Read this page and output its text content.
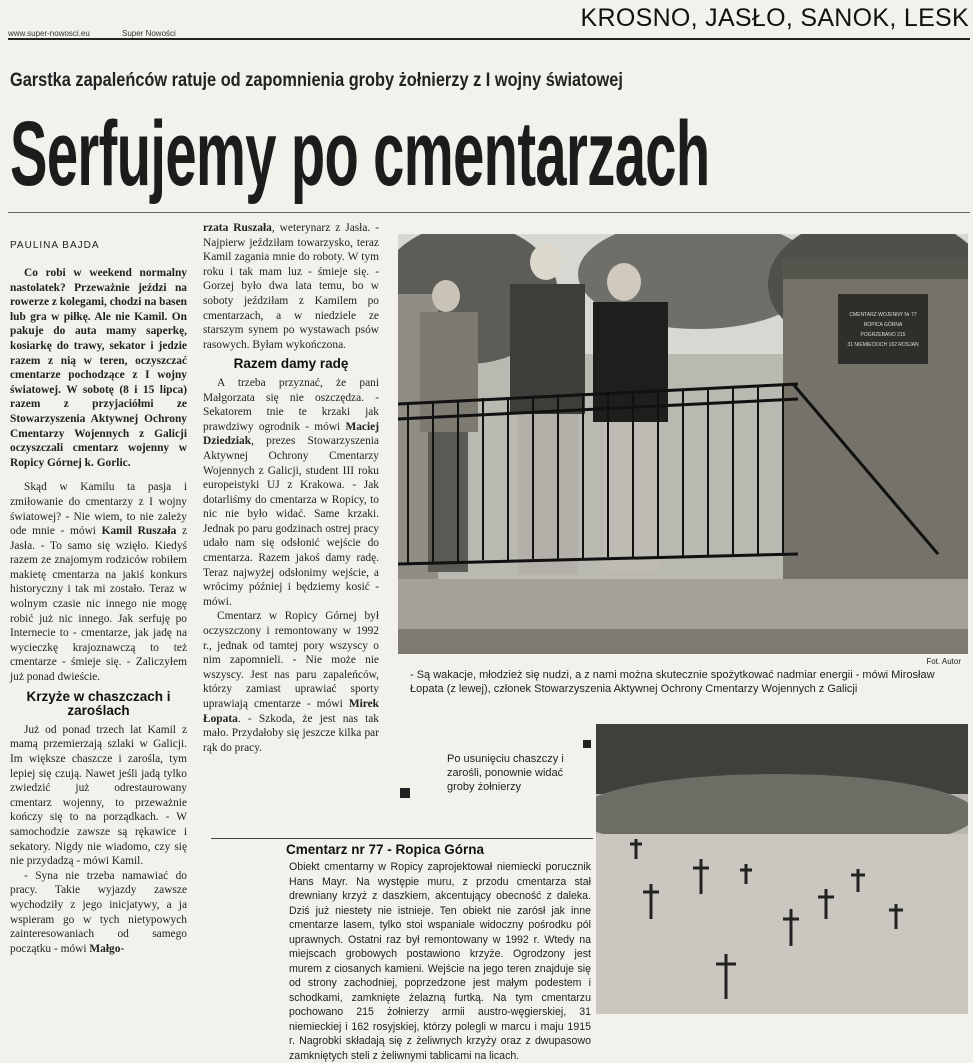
www.super-nowosci.eu	Super Nowości
KROSNO, JASŁO, SANOK, LESK
Garstka zapaleńców ratuje od zapomnienia groby żołnierzy z I wojny światowej
Serfujemy po cmentarzach
PAULINA BAJDA

Co robi w weekend normalny nastolatek? Przeważnie jeździ na rowerze z kolegami, chodzi na basen lub gra w piłkę. Ale nie Kamil. On pakuje do auta mamy saperkę, kosiarkę do trawy, sekator i jedzie razem z nią w teren, oczyszczać cmentarze pochodzące z I wojny światowej. W sobotę (8 i 15 lipca) razem z przyjaciółmi ze Stowarzyszenia Aktywnej Ochrony Cmentarzy Wojennych z Galicji oczyszczali cmentarz wojenny w Ropicy Górnej k. Gorlic.

Skąd w Kamilu ta pasja i zmiłowanie do cmentarzy z I wojny światowej? - Nie wiem, to nie zależy ode mnie - mówi Kamil Ruszała z Jasła. - To samo się wzięło. Kiedyś razem ze znajomym rodziców robiłem makietę cmentarza na jakiś konkurs historyczny i tak mi zostało. Teraz w wolnym czasie nic innego nie mogę robić już nic innego. Jak serfuję po Internecie to - cmentarze, jak jadę na wycieczkę krajoznawczą to też cmentarze - śmieje się. - Zaliczyłem już ponad dwieście.

Krzyże w chaszczach i zaroślach

Już od ponad trzech lat Kamil z mamą przemierzają szlaki w Galicji. Im większe chaszcze i zarośla, tym lepiej się czują. Nawet jeśli jadą tylko zwiedzić już odrestaurowany cmentarz wojenny, to przeważnie kończy się to na porządkach. - W samochodzie zawsze są rękawice i sekatory. Nigdy nie wiadomo, czy się nie przydadzą - mówi Kamil.

- Syna nie trzeba namawiać do pracy. Takie wyjazdy zawsze wychodziły z jego inicjatywy, a ja wspieram go w tych nietypowych zainteresowaniach od samego początku - mówi Małgo-

rzata Ruszała, weterynarz z Jasła. - Najpierw jeździłam towarzysko, teraz Kamil zagania mnie do roboty. W tym roku i tak mam luz - śmieje się. - Gorzej było dwa lata temu, bo w soboty jeździłam z Kamilem po cmentarzach, a w niedziele ze starszym synem po wystawach psów rasowych. Byłam wykończona.

Razem damy radę

A trzeba przyznać, że pani Małgorzata się nie oszczędza. - Sekatorem tnie te krzaki jak prawdziwy ogrodnik - mówi Maciej Dziedziak, prezes Stowarzyszenia Aktywnej Ochrony Cmentarzy Wojennych z Galicji, student III roku europeistyki UJ z Krakowa. - Jak dotarliśmy do cmentarza w Ropicy, to nic nie było widać. Same krzaki. Jednak po paru godzinach ostrej pracy udało nam się odsłonić wejście do cmentarza. Razem jakoś damy radę. Teraz najwyżej odsłonimy wejście, a wrócimy później i będziemy kosić - mówi.

Cmentarz w Ropicy Górnej był oczyszczony i remontowany w 1992 r., jednak od tamtej pory wszyscy o nim zapomnieli. - Nie może nie wszyscy. Jest nas paru zapaleńców, którzy zamiast uprawiać sporty uprawiają cmentarze - mówi Mirek Łopata. - Szkoda, że jest nas tak mało. Przydałoby się jeszcze kilka par rąk do pracy.

CMENTARZ WOJENNY Nr 77
ROPICA GÓRNA
POGRZEBANO 215
31 NIEMIECKICH 162 ROSJAN
Fot. Autor
- Są wakacje, młodzież się nudzi, a z nami można skutecznie spożytkować nadmiar energii - mówi Mirosław Łopata (z lewej), członek Stowarzyszenia Aktywnej Ochrony Cmentarzy Wojennych z Galicji
Po usunięciu chaszczy i zarośli, ponownie widać groby żołnierzy
Cmentarz nr 77 - Ropica Górna
Obiekt cmentarny w Ropicy zaprojektował niemiecki porucznik Hans Mayr. Na występie muru, z przodu cmentarza stał drewniany krzyż z daszkiem, akcentujący obecność z daleka. Dziś już niestety nie istnieje. Ten obiekt nie zarósł jak inne cmentarze lasem, tylko stoi wspaniale widoczny pośrodku pól uprawnych. Ostatni raz był remontowany w 1992 r. Wtedy na miejscach grobowych postawiono krzyże. Ogrodzony jest murem z ciosanych kamieni. Wejście na jego teren znajduje się od strony zachodniej, poprzedzone jest małym podestem i schodkami, zamknięte żelazną furtką. Na tym cmentarzu pochowano 215 żołnierzy armii austro-węgierskiej, 31 niemieckiej i 162 rosyjskiej, którzy polegli w marcu i maju 1915 r. Nagrobki składają się z żeliwnych krzyży oraz z dwupasowo zamkniętych steli z żeliwnymi tablicami na licach.
